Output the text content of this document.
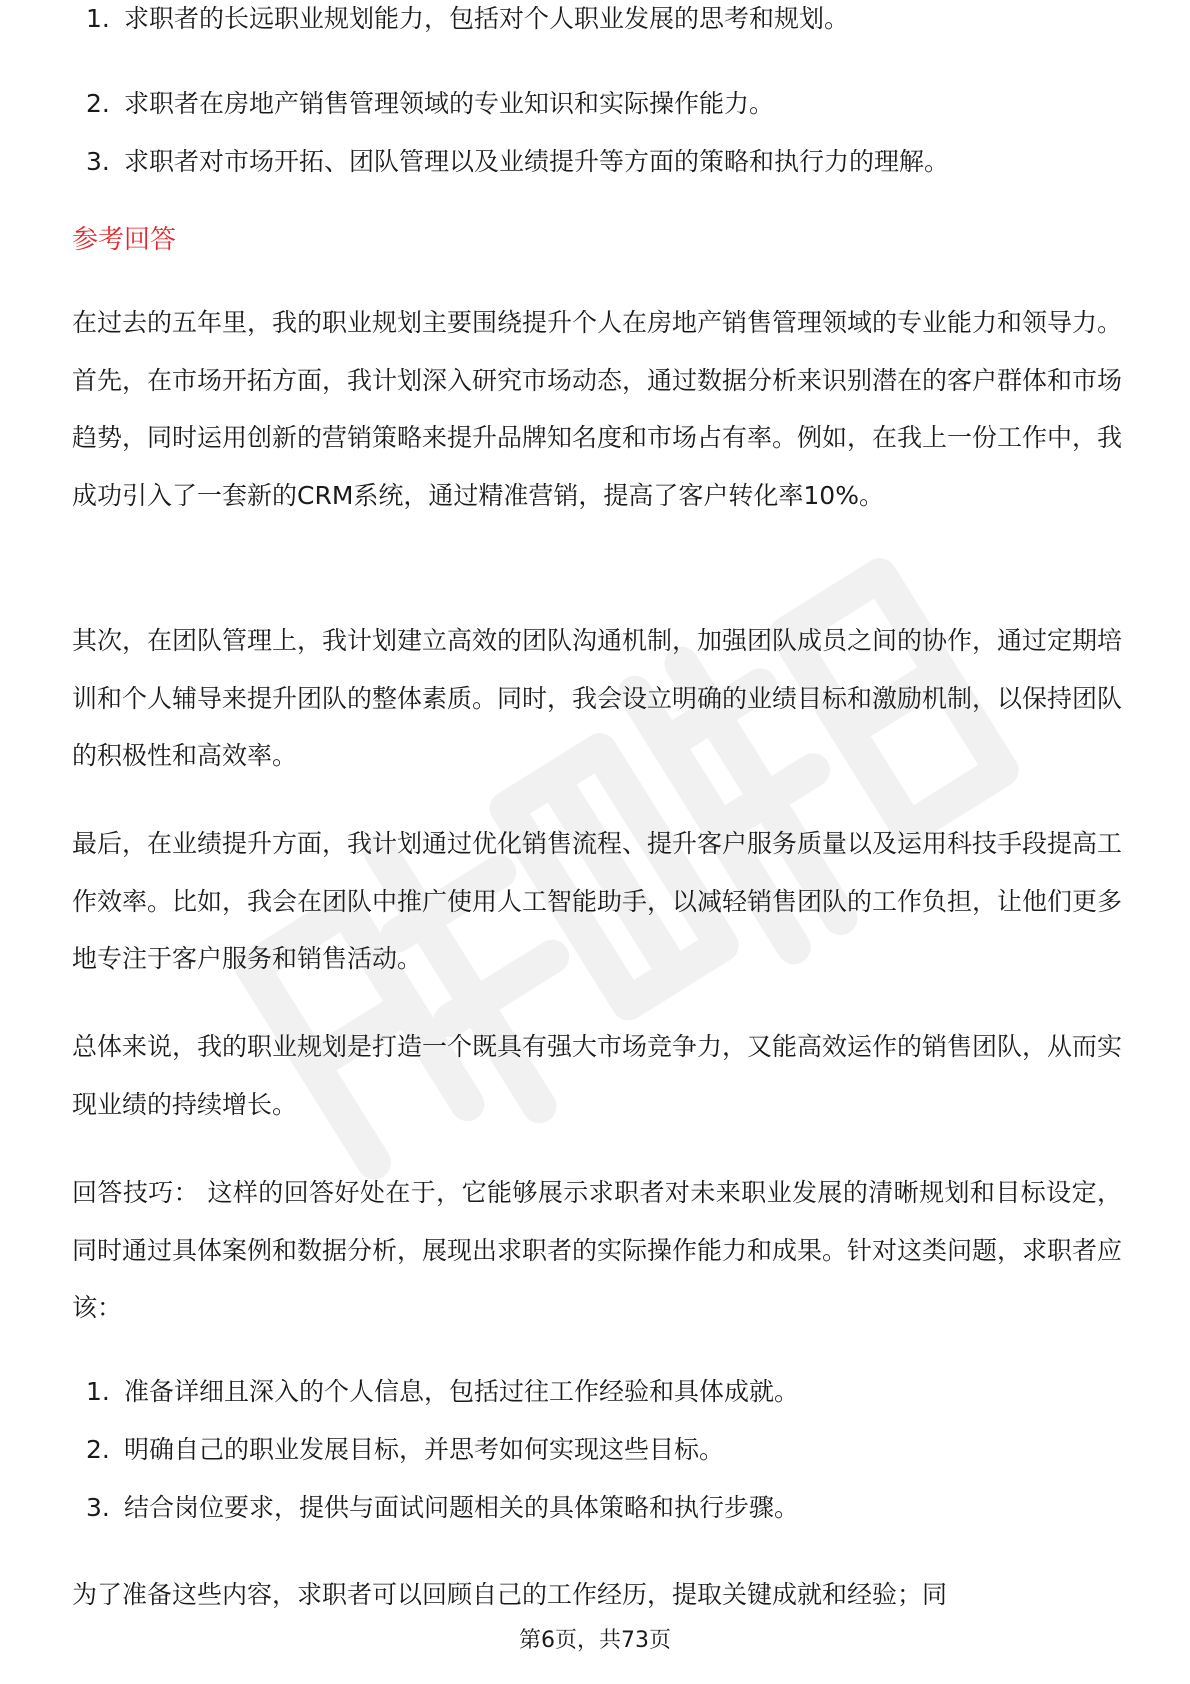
1. 求职者的长远职业规划能力，包括对个人职业发展的思考和规划。
2. 求职者在房地产销售管理领域的专业知识和实际操作能力。
3. 求职者对市场开拓、团队管理以及业绩提升等方面的策略和执行力的理解。
参考回答

在过去的五年里，我的职业规划主要围绕提升个人在房地产销售管理领域的专业能力和领导力。首先，在市场开拓方面，我计划深入研究市场动态，通过数据分析来识别潜在的客户群体和市场趋势，同时运用创新的营销策略来提升品牌知名度和市场占有率。例如，在我上一份工作中，我成功引入了一套新的CRM系统，通过精准营销，提高了客户转化率10%。

其次，在团队管理上，我计划建立高效的团队沟通机制，加强团队成员之间的协作，通过定期培训和个人辅导来提升团队的整体素质。同时，我会设立明确的业绩目标和激励机制，以保持团队的积极性和高效率。

最后，在业绩提升方面，我计划通过优化销售流程、提升客户服务质量以及运用科技手段提高工作效率。比如，我会在团队中推广使用人工智能助手，以减轻销售团队的工作负担，让他们更多地专注于客户服务和销售活动。

总体来说，我的职业规划是打造一个既具有强大市场竞争力，又能高效运作的销售团队，从而实现业绩的持续增长。

回答技巧： 这样的回答好处在于，它能够展示求职者对未来职业发展的清晰规划和目标设定，同时通过具体案例和数据分析，展现出求职者的实际操作能力和成果。针对这类问题，求职者应该：

1. 准备详细且深入的个人信息，包括过往工作经验和具体成就。
2. 明确自己的职业发展目标，并思考如何实现这些目标。
3. 结合岗位要求，提供与面试问题相关的具体策略和执行步骤。

为了准备这些内容，求职者可以回顾自己的工作经历，提取关键成就和经验；同

第6页，共73页
